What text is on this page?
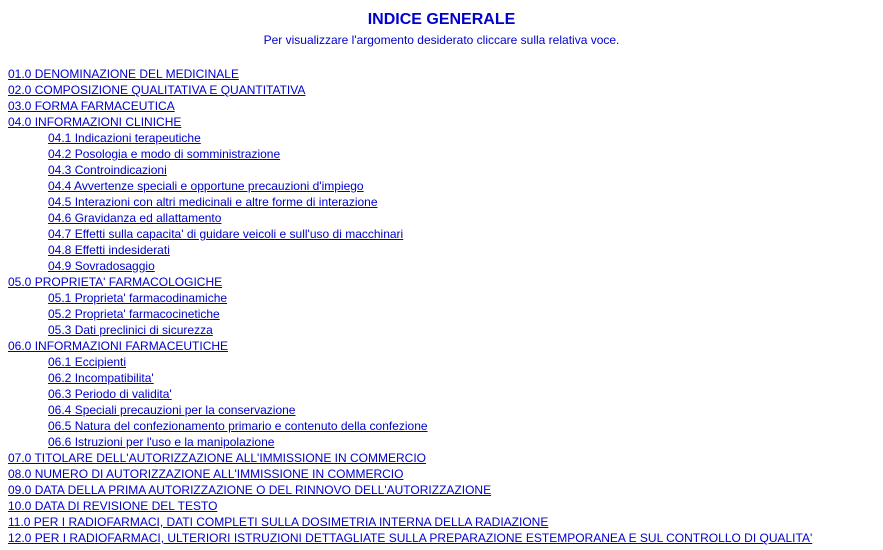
INDICE GENERALE
Per visualizzare l'argomento desiderato cliccare sulla relativa voce.
01.0 DENOMINAZIONE DEL MEDICINALE
02.0 COMPOSIZIONE QUALITATIVA E QUANTITATIVA
03.0 FORMA FARMACEUTICA
04.0 INFORMAZIONI CLINICHE
04.1 Indicazioni terapeutiche
04.2 Posologia e modo di somministrazione
04.3 Controindicazioni
04.4 Avvertenze speciali e opportune precauzioni d'impiego
04.5 Interazioni con altri medicinali e altre forme di interazione
04.6 Gravidanza ed allattamento
04.7 Effetti sulla capacita' di guidare veicoli e sull'uso di macchinari
04.8 Effetti indesiderati
04.9 Sovradosaggio
05.0 PROPRIETA' FARMACOLOGICHE
05.1 Proprieta' farmacodinamiche
05.2 Proprieta' farmacocinetiche
05.3 Dati preclinici di sicurezza
06.0 INFORMAZIONI FARMACEUTICHE
06.1 Eccipienti
06.2 Incompatibilita'
06.3 Periodo di validita'
06.4 Speciali precauzioni per la conservazione
06.5 Natura del confezionamento primario e contenuto della confezione
06.6 Istruzioni per l'uso e la manipolazione
07.0 TITOLARE DELL'AUTORIZZAZIONE ALL'IMMISSIONE IN COMMERCIO
08.0 NUMERO DI AUTORIZZAZIONE ALL'IMMISSIONE IN COMMERCIO
09.0 DATA DELLA PRIMA AUTORIZZAZIONE O DEL RINNOVO DELL'AUTORIZZAZIONE
10.0 DATA DI REVISIONE DEL TESTO
11.0 PER I RADIOFARMACI, DATI COMPLETI SULLA DOSIMETRIA INTERNA DELLA RADIAZIONE
12.0 PER I RADIOFARMACI, ULTERIORI ISTRUZIONI DETTAGLIATE SULLA PREPARAZIONE ESTEMPORANEA E SUL CONTROLLO DI QUALITA'
